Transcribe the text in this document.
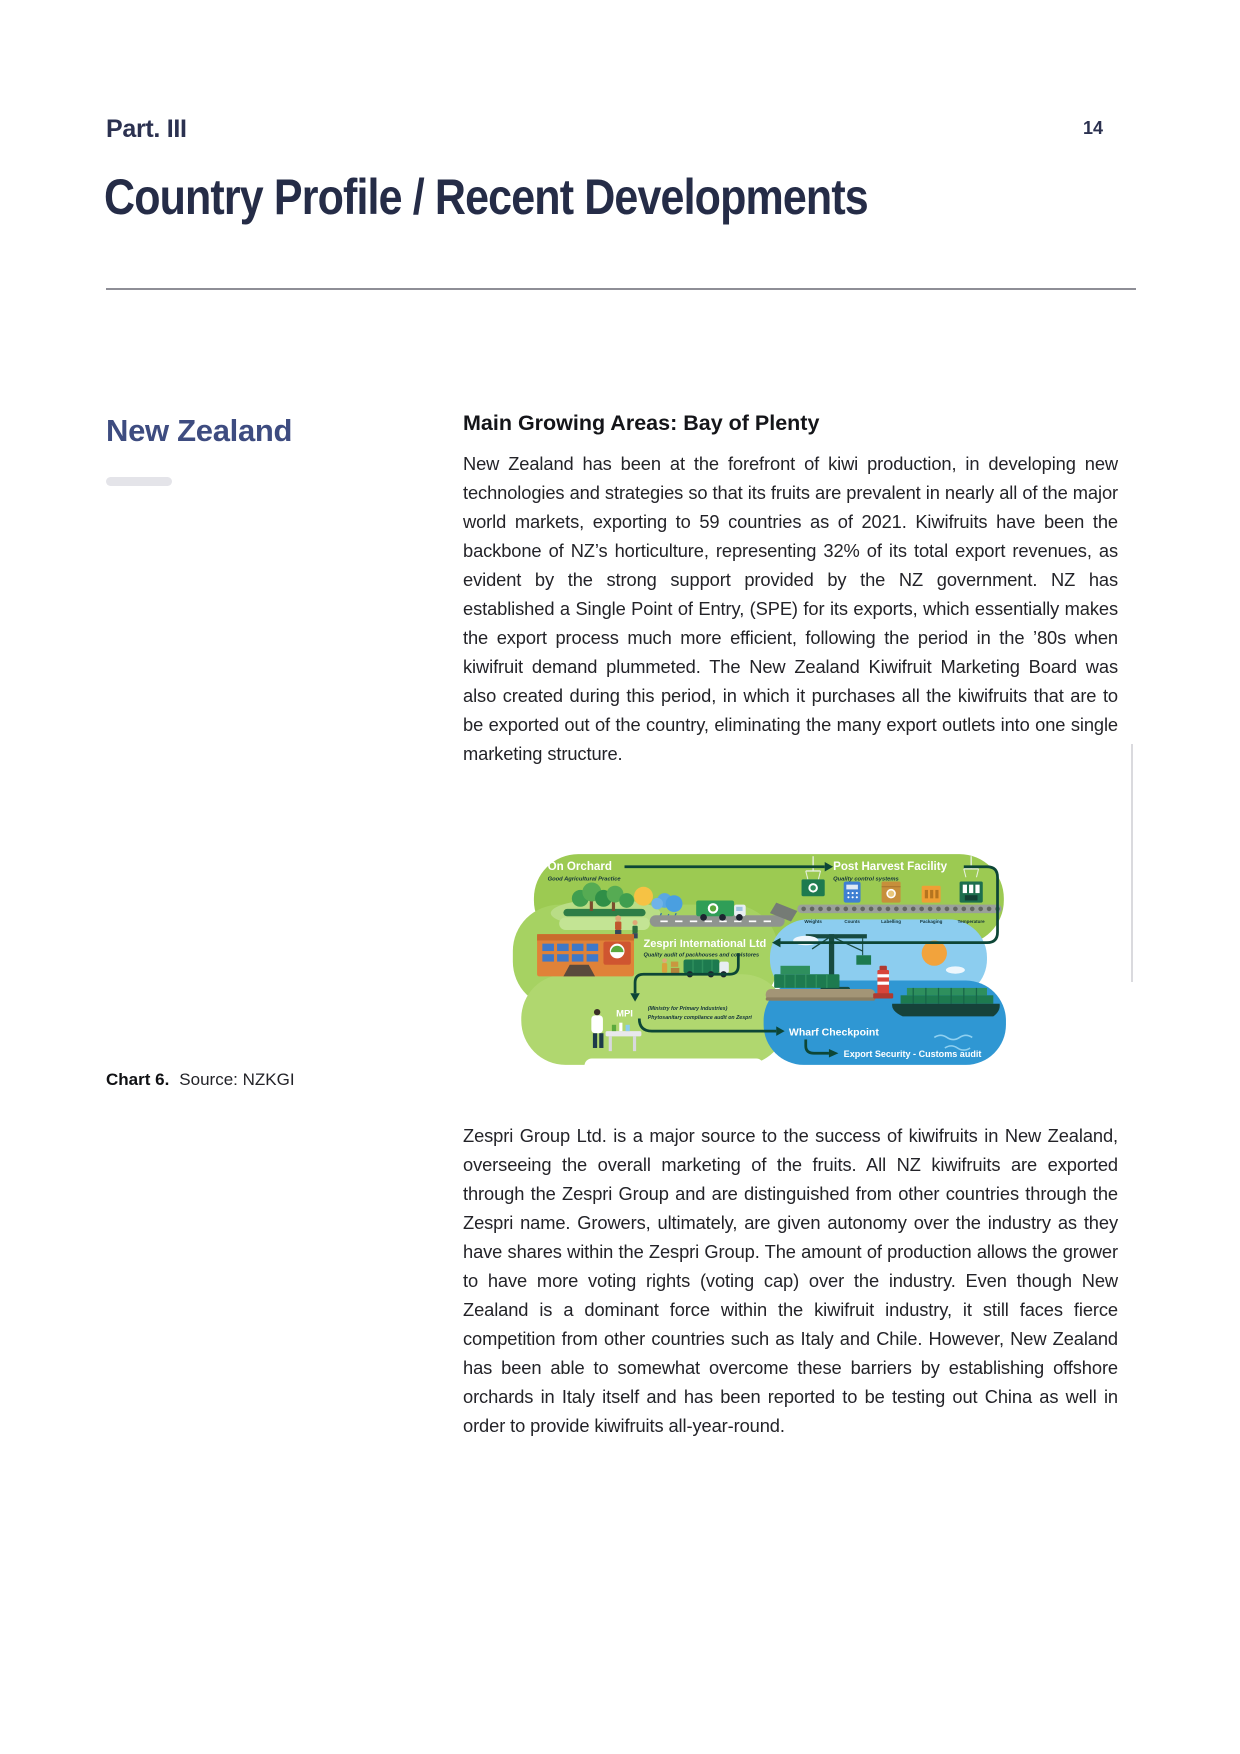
Part. III	14
Country Profile / Recent Developments
New Zealand	Main Growing Areas: Bay of Plenty

New Zealand has been at the forefront of kiwi production, in developing new technologies and strategies so that its fruits are prevalent in nearly all of the major world markets, exporting to 59 countries as of 2021. Kiwifruits have been the backbone of NZ’s horticulture, representing 32% of its total export revenues, as evident by the strong support provided by the NZ government. NZ has established a Single Point of Entry, (SPE) for its exports, which essentially makes the export process much more efficient, following the period in the ’80s when kiwifruit demand plummeted. The New Zealand Kiwifruit Marketing Board was also created during this period, in which it purchases all the kiwifruits that are to be exported out of the country, eliminating the many export outlets into one single marketing structure.

On Orchard
Good Agricultural Practice
Post Harvest Facility
Quality control systems
Weights	Counts	Labelling	Packaging	Temperature
Zespri International Ltd
Quality audit of packhouses and coolstores
MPI	(Ministry for Primary Industries)
Phytosanitary compliance audit on Zespri
Wharf Checkpoint
Export Security - Customs audit
Chart 6. Source: NZKGI

Zespri Group Ltd. is a major source to the success of kiwifruits in New Zealand, overseeing the overall marketing of the fruits. All NZ kiwifruits are exported through the Zespri Group and are distinguished from other countries through the Zespri name. Growers, ultimately, are given autonomy over the industry as they have shares within the Zespri Group. The amount of production allows the grower to have more voting rights (voting cap) over the industry. Even though New Zealand is a dominant force within the kiwifruit industry, it still faces fierce competition from other countries such as Italy and Chile. However, New Zealand has been able to somewhat overcome these barriers by establishing offshore orchards in Italy itself and has been reported to be testing out China as well in order to provide kiwifruits all-year-round.
